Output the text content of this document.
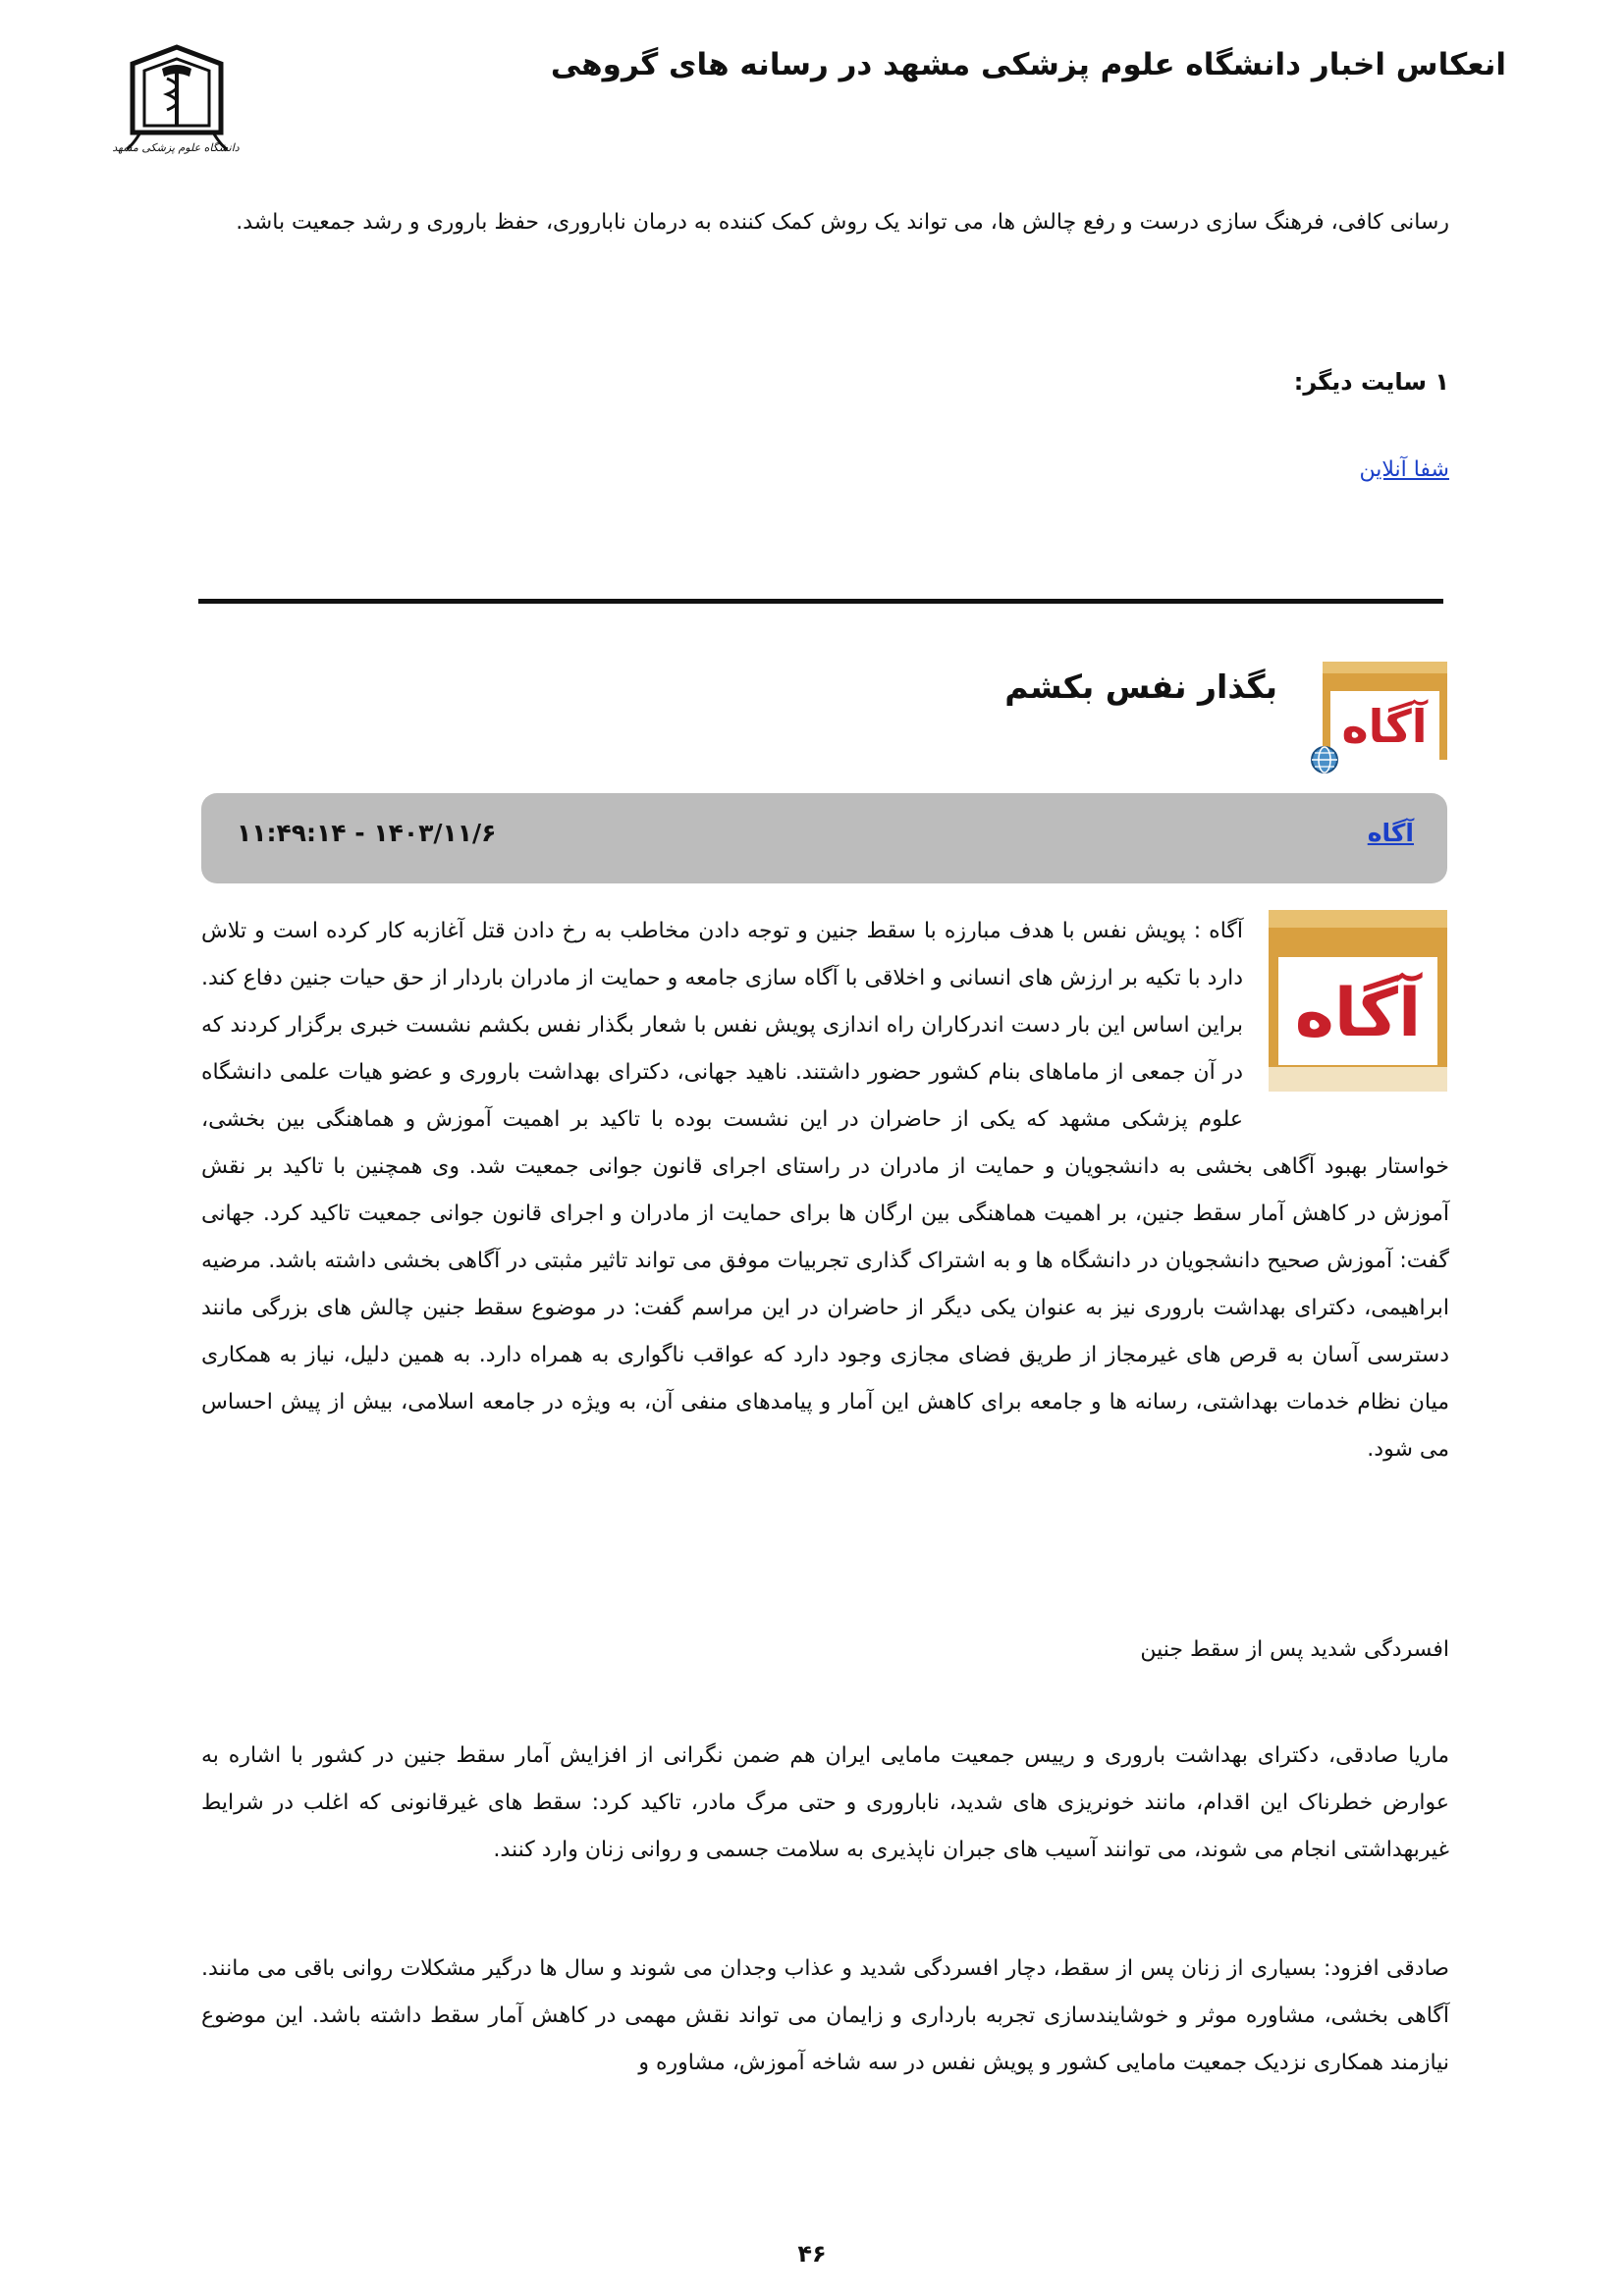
انعکاس اخبار دانشگاه علوم پزشکی مشهد در رسانه های گروهی
دانشگاه علوم پزشکی مشهد
رسانی کافی، فرهنگ سازی درست و رفع چالش ها، می تواند یک روش کمک کننده به درمان ناباروری، حفظ باروری و رشد جمعیت باشد.
۱ سایت دیگر:
شفا آنلاین
بگذار نفس بکشم
آگاه
آگاه
۱۴۰۳/۱۱/۶ - ۱۱:۴۹:۱۴
آگاه
آگاه : پویش نفس با هدف مبارزه با سقط جنین و توجه دادن مخاطب به رخ دادن قتل آغازبه کار کرده است و تلاش دارد با تکیه بر ارزش های انسانی و اخلاقی با آگاه سازی جامعه و حمایت از مادران باردار از حق حیات جنین دفاع کند. براین اساس این بار دست اندرکاران راه اندازی پویش نفس با شعار بگذار نفس بکشم نشست خبری برگزار کردند که در آن جمعی از ماماهای بنام کشور حضور داشتند. ناهید جهانی، دکترای بهداشت باروری و عضو هیات علمی دانشگاه علوم پزشکی مشهد که یکی از حاضران در این نشست بوده با تاکید بر اهمیت آموزش و هماهنگی بین بخشی، خواستار بهبود آگاهی بخشی به دانشجویان و حمایت از مادران در راستای اجرای قانون جوانی جمعیت شد. وی همچنین با تاکید بر نقش آموزش در کاهش آمار سقط جنین، بر اهمیت هماهنگی بین ارگان ها برای حمایت از مادران و اجرای قانون جوانی جمعیت تاکید کرد. جهانی گفت: آموزش صحیح دانشجویان در دانشگاه ها و به اشتراک گذاری تجربیات موفق می تواند تاثیر مثبتی در آگاهی بخشی داشته باشد. مرضیه ابراهیمی، دکترای بهداشت باروری نیز به عنوان یکی دیگر از حاضران در این مراسم گفت: در موضوع سقط جنین چالش های بزرگی مانند دسترسی آسان به قرص های غیرمجاز از طریق فضای مجازی وجود دارد که عواقب ناگواری به همراه دارد. به همین دلیل، نیاز به همکاری میان نظام خدمات بهداشتی، رسانه ها و جامعه برای کاهش این آمار و پیامدهای منفی آن، به ویژه در جامعه اسلامی، بیش از پیش احساس می شود.
افسردگی شدید پس از سقط جنین
ماریا صادقی، دکترای بهداشت باروری و رییس جمعیت مامایی ایران هم ضمن نگرانی از افزایش آمار سقط جنین در کشور با اشاره به عوارض خطرناک این اقدام، مانند خونریزی های شدید، ناباروری و حتی مرگ مادر، تاکید کرد: سقط های غیرقانونی که اغلب در شرایط غیربهداشتی انجام می شوند، می توانند آسیب های جبران ناپذیری به سلامت جسمی و روانی زنان وارد کنند.
صادقی افزود: بسیاری از زنان پس از سقط، دچار افسردگی شدید و عذاب وجدان می شوند و سال ها درگیر مشکلات روانی باقی می مانند. آگاهی بخشی، مشاوره موثر و خوشایندسازی تجربه بارداری و زایمان می تواند نقش مهمی در کاهش آمار سقط داشته باشد. این موضوع نیازمند همکاری نزدیک جمعیت مامایی کشور و پویش نفس در سه شاخه آموزش، مشاوره و
۴۶
